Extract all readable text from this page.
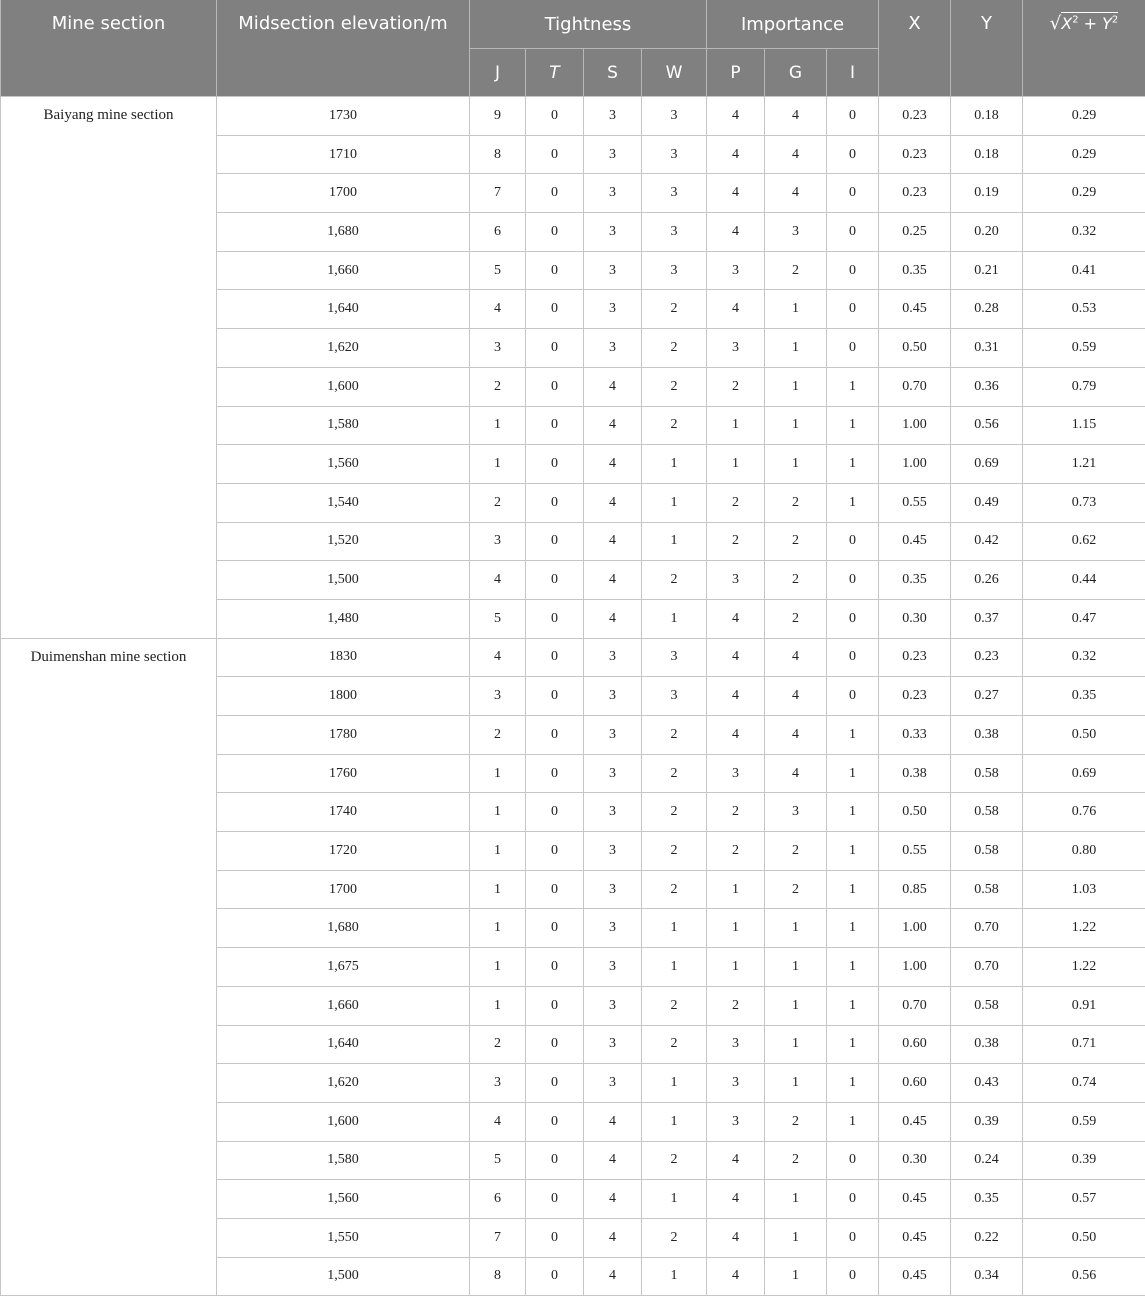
Mine section	Midsection elevation/m	Tightness				Importance			X	Y	$√X^2 + Y^2$
		J	T	S	W	P	G	I			
Baiyang mine section	1730	9	0	3	3	4	4	0	0.23	0.18	0.29
	1710	8	0	3	3	4	4	0	0.23	0.18	0.29
	1700	7	0	3	3	4	4	0	0.23	0.19	0.29
	1,680	6	0	3	3	4	3	0	0.25	0.20	0.32
	1,660	5	0	3	3	3	2	0	0.35	0.21	0.41
	1,640	4	0	3	2	4	1	0	0.45	0.28	0.53
	1,620	3	0	3	2	3	1	0	0.50	0.31	0.59
	1,600	2	0	4	2	2	1	1	0.70	0.36	0.79
	1,580	1	0	4	2	1	1	1	1.00	0.56	1.15
	1,560	1	0	4	1	1	1	1	1.00	0.69	1.21
	1,540	2	0	4	1	2	2	1	0.55	0.49	0.73
	1,520	3	0	4	1	2	2	0	0.45	0.42	0.62
	1,500	4	0	4	2	3	2	0	0.35	0.26	0.44
	1,480	5	0	4	1	4	2	0	0.30	0.37	0.47
Duimenshan mine section	1830	4	0	3	3	4	4	0	0.23	0.23	0.32
	1800	3	0	3	3	4	4	0	0.23	0.27	0.35
	1780	2	0	3	2	4	4	1	0.33	0.38	0.50
	1760	1	0	3	2	3	4	1	0.38	0.58	0.69
	1740	1	0	3	2	2	3	1	0.50	0.58	0.76
	1720	1	0	3	2	2	2	1	0.55	0.58	0.80
	1700	1	0	3	2	1	2	1	0.85	0.58	1.03
	1,680	1	0	3	1	1	1	1	1.00	0.70	1.22
	1,675	1	0	3	1	1	1	1	1.00	0.70	1.22
	1,660	1	0	3	2	2	1	1	0.70	0.58	0.91
	1,640	2	0	3	2	3	1	1	0.60	0.38	0.71
	1,620	3	0	3	1	3	1	1	0.60	0.43	0.74
	1,600	4	0	4	1	3	2	1	0.45	0.39	0.59
	1,580	5	0	4	2	4	2	0	0.30	0.24	0.39
	1,560	6	0	4	1	4	1	0	0.45	0.35	0.57
	1,550	7	0	4	2	4	1	0	0.45	0.22	0.50
	1,500	8	0	4	1	4	1	0	0.45	0.34	0.56
